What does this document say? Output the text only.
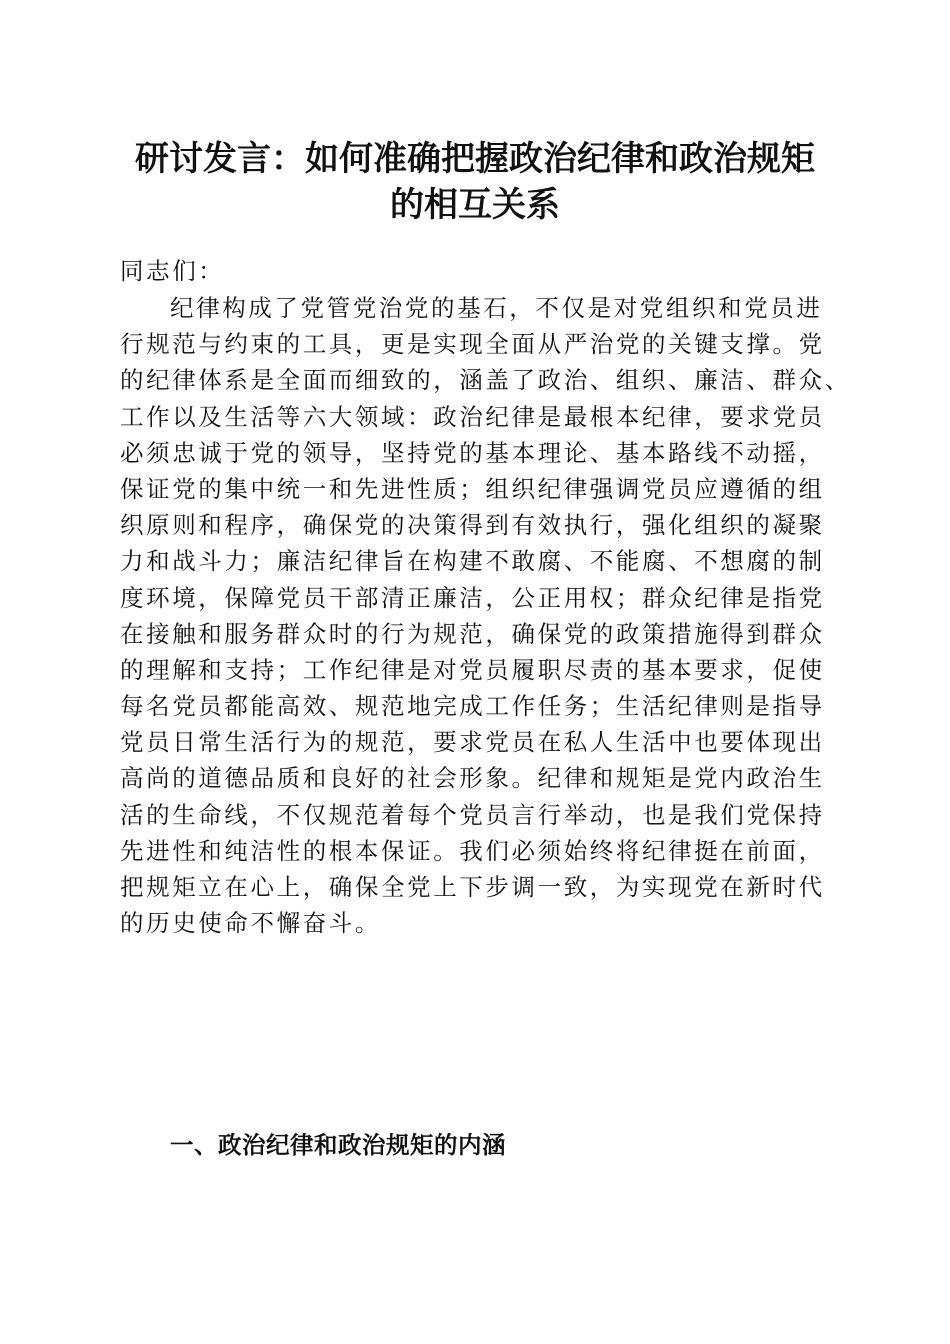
研讨发言：如何准确把握政治纪律和政治规矩
的相互关系
同志们：
纪律构成了党管党治党的基石，不仅是对党组织和党员进
行规范与约束的工具，更是实现全面从严治党的关键支撑。党
的纪律体系是全面而细致的，涵盖了政治、组织、廉洁、群众、
工作以及生活等六大领域：政治纪律是最根本纪律，要求党员
必须忠诚于党的领导，坚持党的基本理论、基本路线不动摇，
保证党的集中统一和先进性质；组织纪律强调党员应遵循的组
织原则和程序，确保党的决策得到有效执行，强化组织的凝聚
力和战斗力；廉洁纪律旨在构建不敢腐、不能腐、不想腐的制
度环境，保障党员干部清正廉洁，公正用权；群众纪律是指党
在接触和服务群众时的行为规范，确保党的政策措施得到群众
的理解和支持；工作纪律是对党员履职尽责的基本要求，促使
每名党员都能高效、规范地完成工作任务；生活纪律则是指导
党员日常生活行为的规范，要求党员在私人生活中也要体现出
高尚的道德品质和良好的社会形象。纪律和规矩是党内政治生
活的生命线，不仅规范着每个党员言行举动，也是我们党保持
先进性和纯洁性的根本保证。我们必须始终将纪律挺在前面，
把规矩立在心上，确保全党上下步调一致，为实现党在新时代
的历史使命不懈奋斗。
一、政治纪律和政治规矩的内涵
